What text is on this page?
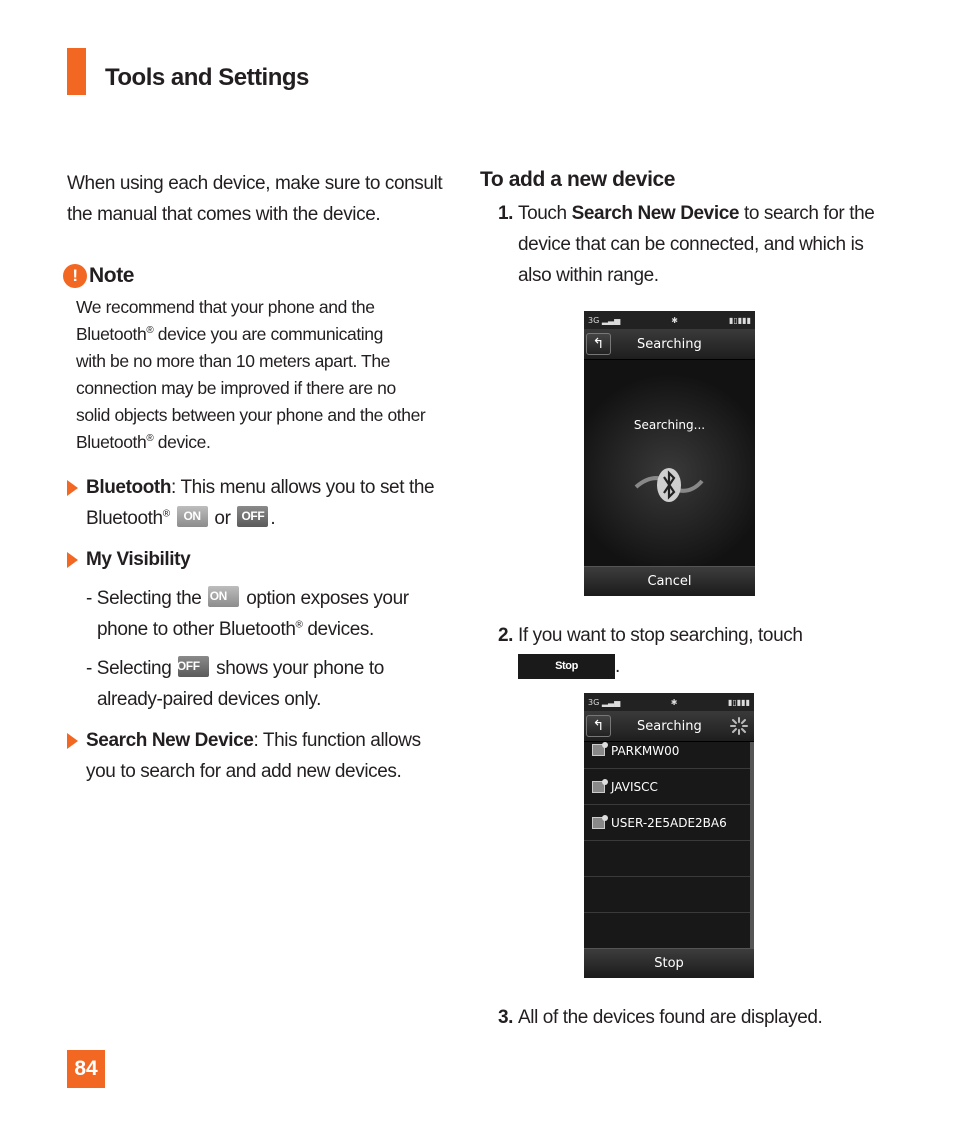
Tools and Settings

When using each device, make sure to consult the manual that comes with the device.

! Note
We recommend that your phone and the
Bluetooth® device you are communicating
with be no more than 10 meters apart. The
connection may be improved if there are no
solid objects between your phone and the other
Bluetooth® device.
Bluetooth: This menu allows you to set the Bluetooth® ON or OFF .
My Visibility
- Selecting the ON option exposes your phone to other Bluetooth® devices.
- Selecting OFF shows your phone to already-paired devices only.
Search New Device: This function allows you to search for and add new devices.
To add a new device
1. Touch Search New Device to search for the device that can be connected, and which is also within range.
2. If you want to stop searching, touch
Stop .
3. All of the devices found are displayed.
3G ▂▃▅	✱	▮▯▮▮▮
↰	Searching
Searching...
Cancel
3G ▂▃▅	✱	▮▯▮▮▮
↰	Searching
PARKMW00
JAVISCC
USER-2E5ADE2BA6
Stop
84
